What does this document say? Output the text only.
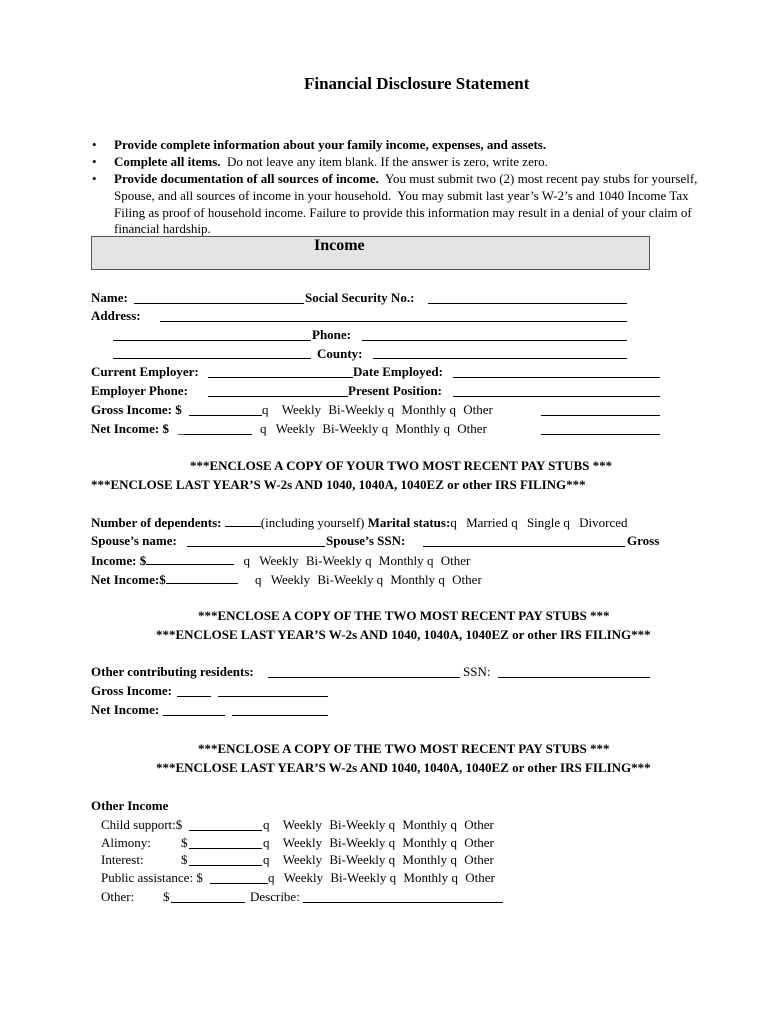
Financial Disclosure Statement
• Provide complete information about your family income, expenses, and assets.
• Complete all items.  Do not leave any item blank. If the answer is zero, write zero.
• Provide documentation of all sources of income.  You must submit two (2) most recent pay stubs for yourself,
Spouse, and all sources of income in your household.  You may submit last year’s W-2’s and 1040 Income Tax
Filing as proof of household income. Failure to provide this information may result in a denial of your claim of
financial hardship.
Income
Name:	Social Security No.:
Address:
Phone:
County:
Current Employer:	Date Employed:
Employer Phone:	Present Position:
Gross Income: $	q Weekly Bi-Weekly q Monthly q Other
Net Income: $ _	q Weekly Bi-Weekly q Monthly q Other
***ENCLOSE A COPY OF YOUR TWO MOST RECENT PAY STUBS ***
***ENCLOSE LAST YEAR’S W-2s AND 1040, 1040A, 1040EZ or other IRS FILING***
Number of dependents:	(including yourself) Marital status:q Married q Single q Divorced
Spouse’s name:	Spouse’s SSN:	Gross
Income: $	q Weekly Bi-Weekly q Monthly q Other
Net Income:$	q Weekly Bi-Weekly q Monthly q Other
***ENCLOSE A COPY OF THE TWO MOST RECENT PAY STUBS ***
***ENCLOSE LAST YEAR’S W-2s AND 1040, 1040A, 1040EZ or other IRS FILING***
Other contributing residents:	SSN:
Gross Income:
Net Income:
***ENCLOSE A COPY OF THE TWO MOST RECENT PAY STUBS ***
***ENCLOSE LAST YEAR’S W-2s AND 1040, 1040A, 1040EZ or other IRS FILING***
Other Income
Child support:$	q Weekly Bi-Weekly q Monthly q Other
Alimony: $	q Weekly Bi-Weekly q Monthly q Other
Interest:	$	q Weekly Bi-Weekly q Monthly q Other
Public assistance: $	q Weekly Bi-Weekly q Monthly q Other
Other: $	Describe:
